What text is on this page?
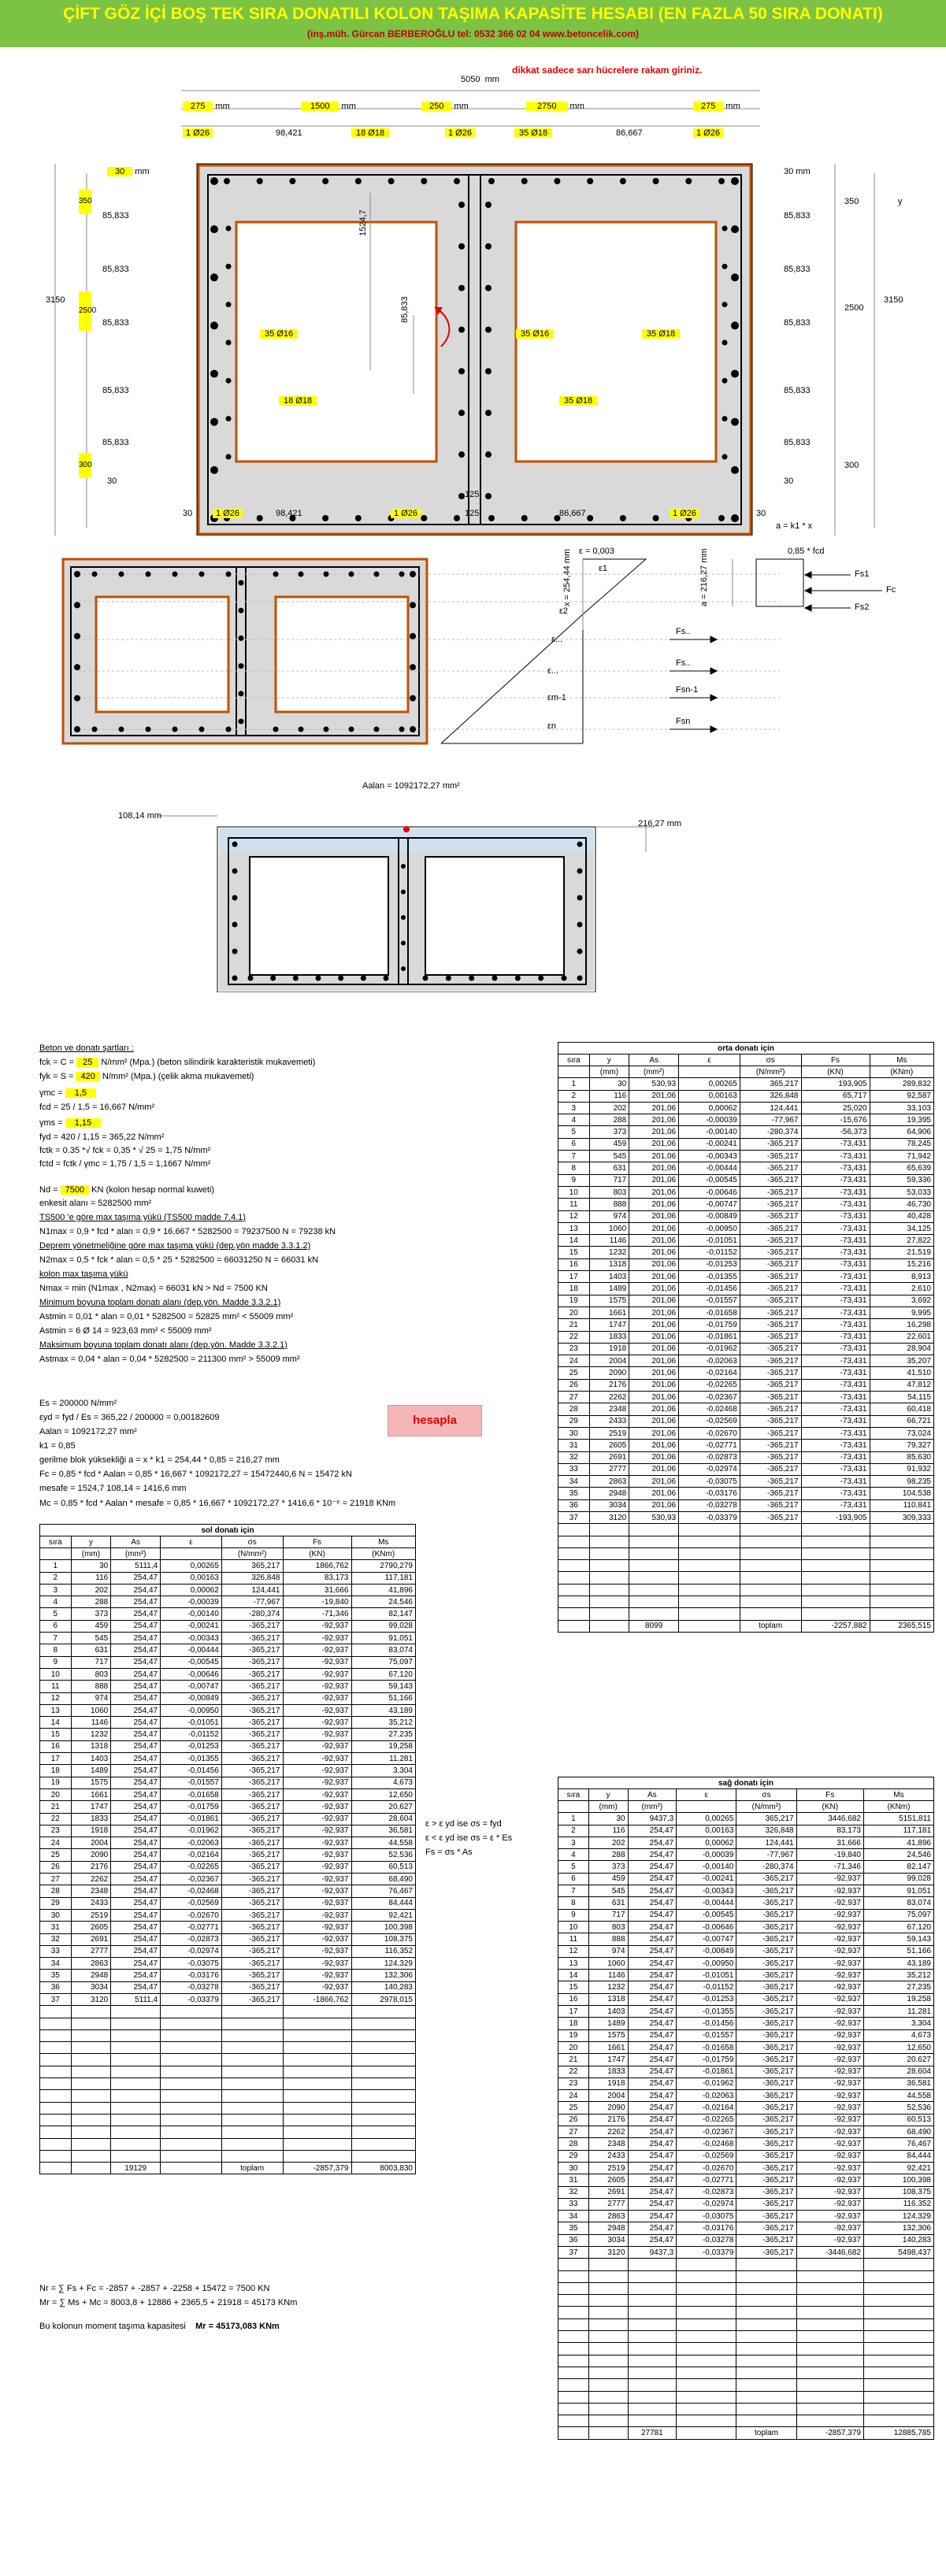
ÇİFT GÖZ İÇİ BOŞ TEK SIRA DONATILI KOLON TAŞIMA KAPASİTE HESABI (EN FAZLA 50 SIRA DONATI)
(inş.müh. Gürcan BERBEROĞLU tel: 0532 366 02 04 www.betoncelik.com)
dikkat sadece sarı hücrelere rakam giriniz.
5050 mm
275 mm	1500 mm	250 mm	2750 mm	275 mm
1 Ø26	98,421	18 Ø18	1 Ø26	35 Ø18	86,667	1 Ø26
30 mm
350
2500
300
3150
85,833
85,833
85,833
85,833
85,833
30
30 mm
350
2500
300
3150
85,833
85,833
85,833
85,833
85,833
30
y
35 Ø16	35 Ø16	35 Ø18
18 Ø18	35 Ø18
1524,7
85,833
30	1 Ø26	98,421	1 Ø26
125
125	86,667	1 Ø26	30
a = k1 * x
ε = 0,003
ε1
ε2
ε...
ε...
εm-1
εn
x = 254,44 mm	a = 216,27 mm	0,85 * fcd
Fs1
Fc
Fs2
Fs..
Fs..
Fsn-1
Fsn
Aalan = 1092172,27 mm²
108,14 mm
216,27 mm
Beton ve donatı şartları :
fck = C = 25 N/mm² (Mpa.) (beton silindirik karakteristik mukavemeti)
fyk = S = 420 N/mm² (Mpa.) (çelik akma mukavemeti)
γmc = 1,5
fcd = 25 / 1,5 = 16,667 N/mm²
γms = 1,15
fyd = 420 / 1,15 = 365,22 N/mm²
fctk = 0.35 *√ fck = 0,35 * √ 25 = 1,75 N/mm²
fctd = fctk / γmc = 1,75 / 1,5 = 1,1667 N/mm²
Nd = 7500 KN (kolon hesap normal kuweti)
enkesit alanı = 5282500 mm²
TS500 'e göre max taşıma yükü (TS500 madde 7.4.1)
N1max = 0,9 * fcd * alan = 0,9 * 16,667 * 5282500 = 79237500 N = 79238 kN
Deprem yönetmeliğine göre max taşıma yükü (dep.yön madde 3.3.1.2)
N2max = 0,5 * fck * alan = 0,5 * 25 * 5282500 = 66031250 N = 66031 kN
kolon max taşıma yükü
Nmax = min (N1max , N2max) = 66031 kN > Nd = 7500 KN
Minimum boyuna toplam donatı alanı (dep.yön. Madde 3.3.2.1)
Astmin = 0,01 * alan = 0,01 * 5282500 = 52825 mm² < 55009 mm²
Astmin = 6 Ø 14 = 923,63 mm² < 55009 mm²
Maksimum boyuna toplam donatı alanı (dep.yön. Madde 3.3.2.1)
Astmax = 0,04 * alan = 0,04 * 5282500 = 211300 mm² > 55009 mm²
Es = 200000 N/mm²
εyd = fyd / Es = 365,22 / 200000 = 0,00182609
Aalan = 1092172,27 mm²
k1 = 0,85
gerilme blok yüksekliği a = x * k1 = 254,44 * 0,85 = 216,27 mm
Fc = 0,85 * fcd * Aalan = 0,85 * 16,667 * 1092172,27 = 15472440,6 N = 15472 kN
mesafe = 1524,7 108,14 = 1416,6 mm
Mc = 0,85 * fcd * Aalan * mesafe = 0,85 * 16,667 * 1092172,27 * 1416,6 * 10⁻⁶ = 21918 KNm
hesapla
ε > ε yd ise σs = fyd
ε < ε yd ise σs = ε * Es
Fs = σs * As
orta donatı için						
sıra	y	As	ε	σs	Fs	Ms
	(mm)	(mm²)		(N/mm²)	(KN)	(KNm)
1	30	530,93	0,00265	365,217	193,905	289,832
2	116	201,06	0,00163	326,848	65,717	92,587
3	202	201,06	0,00062	124,441	25,020	33,103
4	288	201,06	-0,00039	-77,967	-15,676	19,395
5	373	201,06	-0,00140	-280,374	-56,373	64,906
6	459	201,06	-0,00241	-365,217	-73,431	78,245
7	545	201,06	-0,00343	-365,217	-73,431	71,942
8	631	201,06	-0,00444	-365,217	-73,431	65,639
9	717	201,06	-0,00545	-365,217	-73,431	59,336
10	803	201,06	-0,00646	-365,217	-73,431	53,033
11	888	201,06	-0,00747	-365,217	-73,431	46,730
12	974	201,06	-0,00849	-365,217	-73,431	40,428
13	1060	201,06	-0,00950	-365,217	-73,431	34,125
14	1146	201,06	-0,01051	-365,217	-73,431	27,822
15	1232	201,06	-0,01152	-365,217	-73,431	21,519
16	1318	201,06	-0,01253	-365,217	-73,431	15,216
17	1403	201,06	-0,01355	-365,217	-73,431	8,913
18	1489	201,06	-0,01456	-365,217	-73,431	2,610
19	1575	201,06	-0,01557	-365,217	-73,431	3,692
20	1661	201,06	-0,01658	-365,217	-73,431	9,995
21	1747	201,06	-0,01759	-365,217	-73,431	16,298
22	1833	201,06	-0,01861	-365,217	-73,431	22,601
23	1918	201,06	-0,01962	-365,217	-73,431	28,904
24	2004	201,06	-0,02063	-365,217	-73,431	35,207
25	2090	201,06	-0,02164	-365,217	-73,431	41,510
26	2176	201,06	-0,02265	-365,217	-73,431	47,812
27	2262	201,06	-0,02367	-365,217	-73,431	54,115
28	2348	201,06	-0,02468	-365,217	-73,431	60,418
29	2433	201,06	-0,02569	-365,217	-73,431	66,721
30	2519	201,06	-0,02670	-365,217	-73,431	73,024
31	2605	201,06	-0,02771	-365,217	-73,431	79,327
32	2691	201,06	-0,02873	-365,217	-73,431	85,630
33	2777	201,06	-0,02974	-365,217	-73,431	91,932
34	2863	201,06	-0,03075	-365,217	-73,431	98,235
35	2948	201,06	-0,03176	-365,217	-73,431	104,538
36	3034	201,06	-0,03278	-365,217	-73,431	110,841
37	3120	530,93	-0,03379	-365,217	-193,905	309,333

		8099		toplam	-2257,882	2365,515
sol donatı için						
sıra	y	As	ε	σs	Fs	Ms
	(mm)	(mm²)		(N/mm²)	(KN)	(KNm)
1	30	5111,4	0,00265	365,217	1866,762	2790,279
2	116	254,47	0,00163	326,848	83,173	117,181
3	202	254,47	0,00062	124,441	31,666	41,896
4	288	254,47	-0,00039	-77,967	-19,840	24,546
5	373	254,47	-0,00140	-280,374	-71,346	82,147
6	459	254,47	-0,00241	-365,217	-92,937	99,028
7	545	254,47	-0,00343	-365,217	-92,937	91,051
8	631	254,47	-0,00444	-365,217	-92,937	83,074
9	717	254,47	-0,00545	-365,217	-92,937	75,097
10	803	254,47	-0,00646	-365,217	-92,937	67,120
11	888	254,47	-0,00747	-365,217	-92,937	59,143
12	974	254,47	-0,00849	-365,217	-92,937	51,166
13	1060	254,47	-0,00950	-365,217	-92,937	43,189
14	1146	254,47	-0,01051	-365,217	-92,937	35,212
15	1232	254,47	-0,01152	-365,217	-92,937	27,235
16	1318	254,47	-0,01253	-365,217	-92,937	19,258
17	1403	254,47	-0,01355	-365,217	-92,937	11,281
18	1489	254,47	-0,01456	-365,217	-92,937	3,304
19	1575	254,47	-0,01557	-365,217	-92,937	4,673
20	1661	254,47	-0,01658	-365,217	-92,937	12,650
21	1747	254,47	-0,01759	-365,217	-92,937	20,627
22	1833	254,47	-0,01861	-365,217	-92,937	28,604
23	1918	254,47	-0,01962	-365,217	-92,937	36,581
24	2004	254,47	-0,02063	-365,217	-92,937	44,558
25	2090	254,47	-0,02164	-365,217	-92,937	52,536
26	2176	254,47	-0,02265	-365,217	-92,937	60,513
27	2262	254,47	-0,02367	-365,217	-92,937	68,490
28	2348	254,47	-0,02468	-365,217	-92,937	76,467
29	2433	254,47	-0,02569	-365,217	-92,937	84,444
30	2519	254,47	-0,02670	-365,217	-92,937	92,421
31	2605	254,47	-0,02771	-365,217	-92,937	100,398
32	2691	254,47	-0,02873	-365,217	-92,937	108,375
33	2777	254,47	-0,02974	-365,217	-92,937	116,352
34	2863	254,47	-0,03075	-365,217	-92,937	124,329
35	2948	254,47	-0,03176	-365,217	-92,937	132,306
36	3034	254,47	-0,03278	-365,217	-92,937	140,283
37	3120	5111,4	-0,03379	-365,217	-1866,762	2978,015

		19129		toplam	-2857,379	8003,830
sağ donatı için						
sıra	y	As	ε	σs	Fs	Ms
	(mm)	(mm²)		(N/mm²)	(KN)	(KNm)
1	30	9437,3	0,00265	365,217	3446,682	5151,811
2	116	254,47	0,00163	326,848	83,173	117,181
3	202	254,47	0,00062	124,441	31,666	41,896
4	288	254,47	-0,00039	-77,967	-19,840	24,546
5	373	254,47	-0,00140	-280,374	-71,346	82,147
6	459	254,47	-0,00241	-365,217	-92,937	99,028
7	545	254,47	-0,00343	-365,217	-92,937	91,051
8	631	254,47	-0,00444	-365,217	-92,937	83,074
9	717	254,47	-0,00545	-365,217	-92,937	75,097
10	803	254,47	-0,00646	-365,217	-92,937	67,120
11	888	254,47	-0,00747	-365,217	-92,937	59,143
12	974	254,47	-0,00849	-365,217	-92,937	51,166
13	1060	254,47	-0,00950	-365,217	-92,937	43,189
14	1146	254,47	-0,01051	-365,217	-92,937	35,212
15	1232	254,47	-0,01152	-365,217	-92,937	27,235
16	1318	254,47	-0,01253	-365,217	-92,937	19,258
17	1403	254,47	-0,01355	-365,217	-92,937	11,281
18	1489	254,47	-0,01456	-365,217	-92,937	3,304
19	1575	254,47	-0,01557	-365,217	-92,937	4,673
20	1661	254,47	-0,01658	-365,217	-92,937	12,650
21	1747	254,47	-0,01759	-365,217	-92,937	20,627
22	1833	254,47	-0,01861	-365,217	-92,937	28,604
23	1918	254,47	-0,01962	-365,217	-92,937	36,581
24	2004	254,47	-0,02063	-365,217	-92,937	44,558
25	2090	254,47	-0,02164	-365,217	-92,937	52,536
26	2176	254,47	-0,02265	-365,217	-92,937	60,513
27	2262	254,47	-0,02367	-365,217	-92,937	68,490
28	2348	254,47	-0,02468	-365,217	-92,937	76,467
29	2433	254,47	-0,02569	-365,217	-92,937	84,444
30	2519	254,47	-0,02670	-365,217	-92,937	92,421
31	2605	254,47	-0,02771	-365,217	-92,937	100,398
32	2691	254,47	-0,02873	-365,217	-92,937	108,375
33	2777	254,47	-0,02974	-365,217	-92,937	116,352
34	2863	254,47	-0,03075	-365,217	-92,937	124,329
35	2948	254,47	-0,03176	-365,217	-92,937	132,306
36	3034	254,47	-0,03278	-365,217	-92,937	140,283
37	3120	9437,3	-0,03379	-365,217	-3446,682	5498,437

		27781		toplam	-2857,379	12885,785
Nr = ∑ Fs + Fc = -2857 + -2857 + -2258 + 15472 = 7500 KN
Mr = ∑ Ms + Mc = 8003,8 + 12886 + 2365,5 + 21918 = 45173 KNm
Bu kolonun moment taşıma kapasitesi Mr = 45173,083 KNm
